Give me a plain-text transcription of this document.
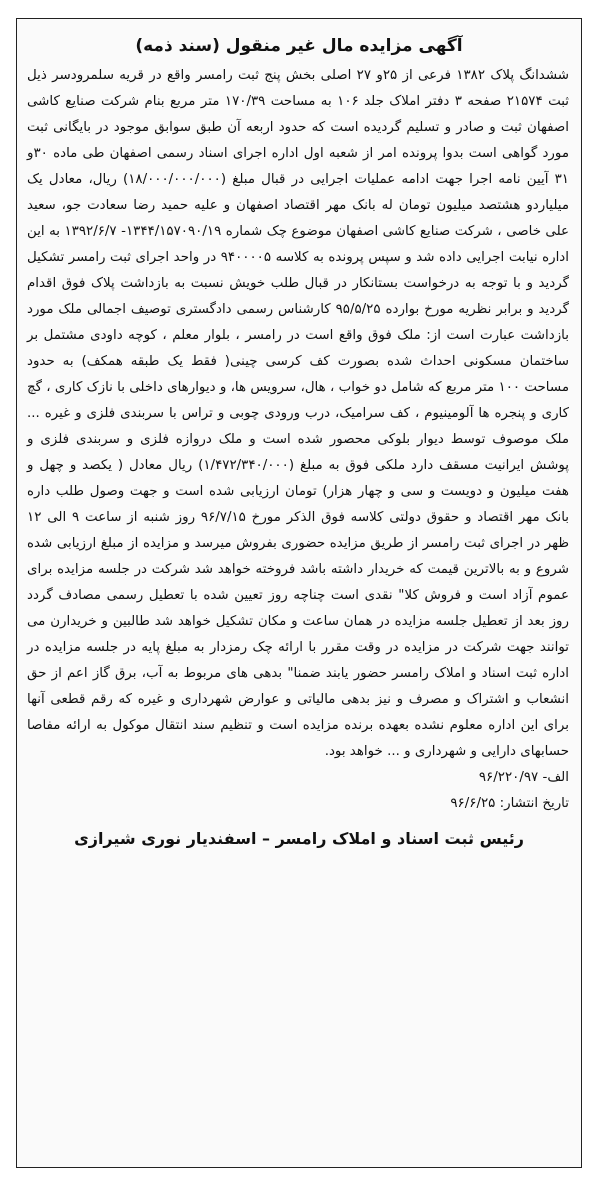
آگهی مزایده مال غیر منقول (سند ذمه)

ششدانگ پلاک ۱۳۸۲ فرعی از ۲۵و ۲۷ اصلی بخش پنج ثبت رامسر واقع در قریه سلمرودسر ذیل ثبت ۲۱۵۷۴ صفحه ۳ دفتر املاک جلد ۱۰۶ به مساحت ۱۷۰/۳۹ متر مربع بنام شرکت صنایع کاشی اصفهان ثبت و صادر و تسلیم گردیده است که حدود اربعه آن طبق سوابق موجود در بایگانی ثبت مورد گواهی است بدوا پرونده امر از شعبه اول اداره اجرای اسناد رسمی اصفهان طی ماده ۳۰و ۳۱ آیین نامه اجرا جهت ادامه عملیات اجرایی در قبال مبلغ (۱۸/۰۰۰/۰۰۰/۰۰۰) ریال، معادل یک میلیاردو هشتصد میلیون تومان له بانک مهر اقتصاد اصفهان و علیه حمید رضا سعادت جو، سعید علی خاصی ، شرکت صنایع کاشی اصفهان موضوع چک شماره ۱۳۴۴/۱۵۷۰۹۰/۱۹- ۱۳۹۲/۶/۷ به این اداره نیابت اجرایی داده شد و سپس پرونده به کلاسه ۹۴۰۰۰۰۵ در واحد اجرای ثبت رامسر تشکیل گردید و با توجه به درخواست بستانکار در قبال طلب خویش نسبت به بازداشت پلاک فوق اقدام گردید و برابر نظریه مورخ بوارده ۹۵/۵/۲۵ کارشناس رسمی دادگستری توصیف اجمالی ملک مورد بازداشت عبارت است از: ملک فوق واقع است در رامسر ، بلوار معلم ، کوچه داودی مشتمل بر ساختمان مسکونی احداث شده بصورت کف کرسی چینی( فقط یک طبقه همکف) به حدود مساحت ۱۰۰ متر مربع که شامل دو خواب ، هال، سرویس ها، و دیوارهای داخلی با نازک کاری ، گچ کاری و پنجره ها آلومینیوم ، کف سرامیک، درب ورودی چوبی و تراس با سربندی فلزی و غیره ... ملک موصوف توسط دیوار بلوکی محصور شده است و ملک دروازه فلزی و سربندی فلزی و پوشش ایرانیت مسقف دارد ملکی فوق به مبلغ (۱/۴۷۲/۳۴۰/۰۰۰) ریال معادل ( یکصد و چهل و هفت میلیون و دویست و سی و چهار هزار) تومان ارزیابی شده است و جهت وصول طلب داره بانک مهر اقتصاد و حقوق دولتی کلاسه فوق الذکر مورخ ۹۶/۷/۱۵ روز شنبه از ساعت ۹ الی ۱۲ ظهر در اجرای ثبت رامسر از طریق مزایده حضوری بفروش میرسد و مزایده از مبلغ ارزیابی شده شروع و به بالاترین قیمت که خریدار داشته باشد فروخته خواهد شد شرکت در جلسه مزایده برای عموم آزاد است و فروش کلا" نقدی است چناچه روز تعیین شده با تعطیل رسمی مصادف گردد روز بعد از تعطیل جلسه مزایده در همان ساعت و مکان تشکیل خواهد شد طالبین و خریدارن می توانند جهت شرکت در مزایده در وقت مقرر با ارائه چک رمزدار به مبلغ پایه در جلسه مزایده در اداره ثبت اسناد و املاک رامسر حضور یابند ضمنا" بدهی های مربوط به آب، برق گاز اعم از حق انشعاب و اشتراک و مصرف و نیز بدهی مالیاتی و عوارض شهرداری و غیره که رقم قطعی آنها برای این اداره معلوم نشده بعهده برنده مزایده است و تنظیم سند انتقال موکول به ارائه مفاصا حسابهای دارایی و شهرداری و ... خواهد بود.

الف- ۹۶/۲۲۰/۹۷
تاریخ انتشار: ۹۶/۶/۲۵
رئیس ثبت اسناد و املاک رامسر – اسفندیار نوری شیرازی
